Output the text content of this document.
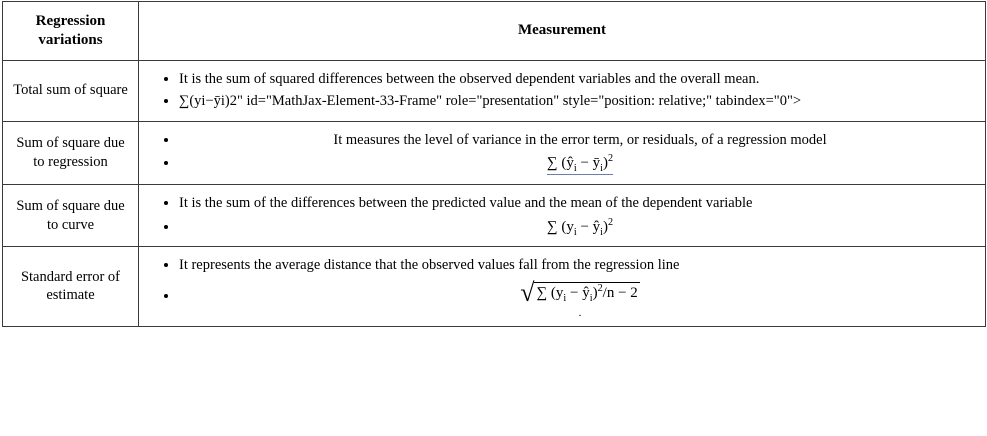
Regression variations	Measurement
Total sum of square	
• It is the sum of squared differences between the observed dependent variables and the overall mean.
• ∑(yi−ȳi)2" id="MathJax-Element-33-Frame" role="presentation" style="position: relative;" tabindex="0">

Sum of square due to regression	
• It measures the level of variance in the error term, or residuals, of a regression model
• ∑ ($ŷ_i$ − $ȳ_i)^2$

Sum of square due to curve	
• It is the sum of the differences between the predicted value and the mean of the dependent variable
• ∑ ($y_i$ − $ŷ_i)^2$

Standard error of estimate	
• It represents the average distance that the observed values fall from the regression line
• √ ∑ ($y_i$ − $ŷ_i)^2/n - 2$
.
